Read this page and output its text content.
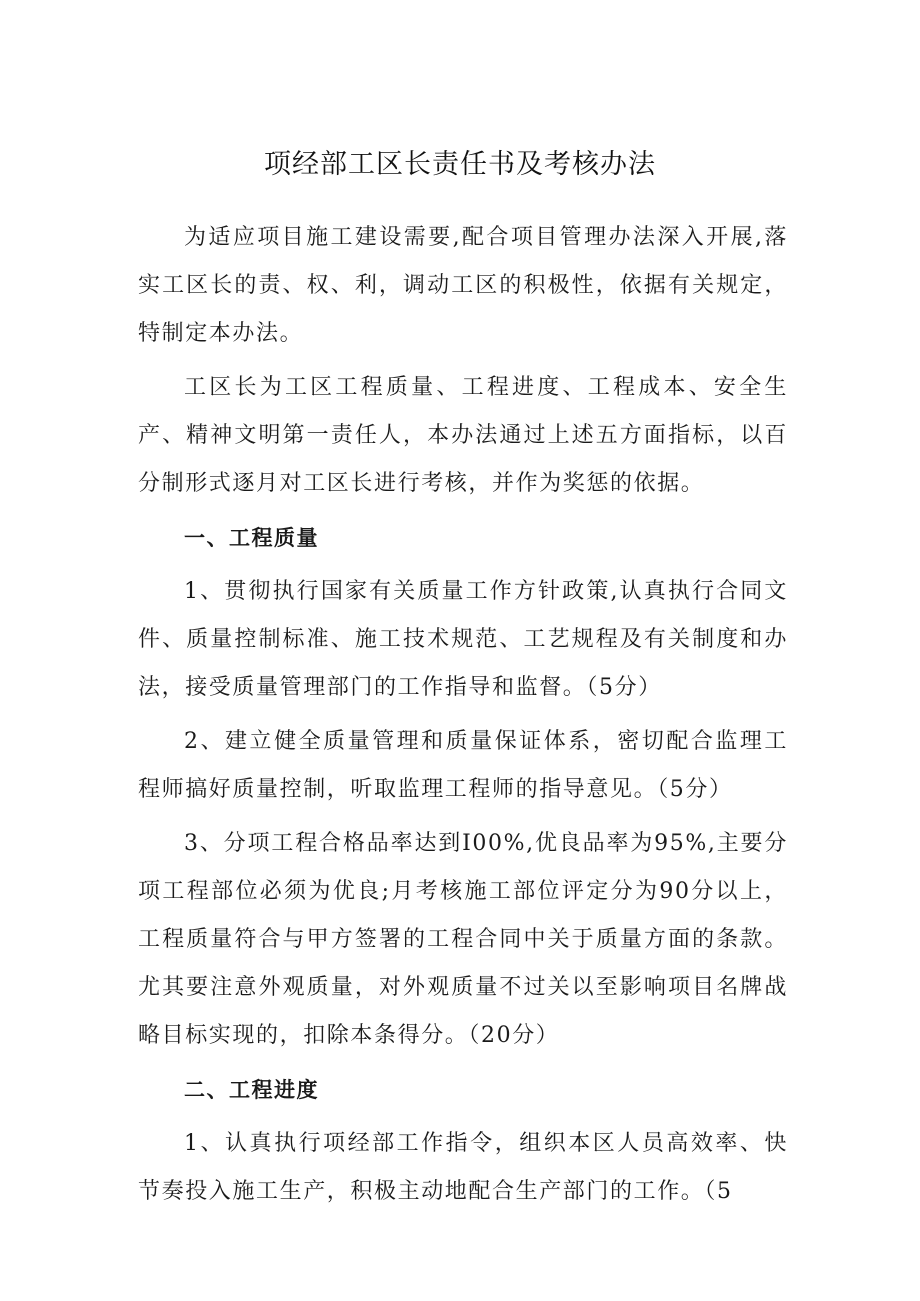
项经部工区长责任书及考核办法

为适应项目施工建设需要,配合项目管理办法深入开展,落实工区长的责、权、利，调动工区的积极性，依据有关规定，特制定本办法。

工区长为工区工程质量、工程进度、工程成本、安全生产、精神文明第一责任人，本办法通过上述五方面指标，以百分制形式逐月对工区长进行考核，并作为奖惩的依据。

一、工程质量

1、贯彻执行国家有关质量工作方针政策,认真执行合同文件、质量控制标准、施工技术规范、工艺规程及有关制度和办法，接受质量管理部门的工作指导和监督。（5分）

2、建立健全质量管理和质量保证体系，密切配合监理工程师搞好质量控制，听取监理工程师的指导意见。（5分）

3、分项工程合格品率达到I00%,优良品率为95%,主要分项工程部位必须为优良;月考核施工部位评定分为90分以上，工程质量符合与甲方签署的工程合同中关于质量方面的条款。尤其要注意外观质量，对外观质量不过关以至影响项目名牌战略目标实现的，扣除本条得分。（20分）

二、工程进度

1、认真执行项经部工作指令，组织本区人员高效率、快节奏投入施工生产，积极主动地配合生产部门的工作。（5
